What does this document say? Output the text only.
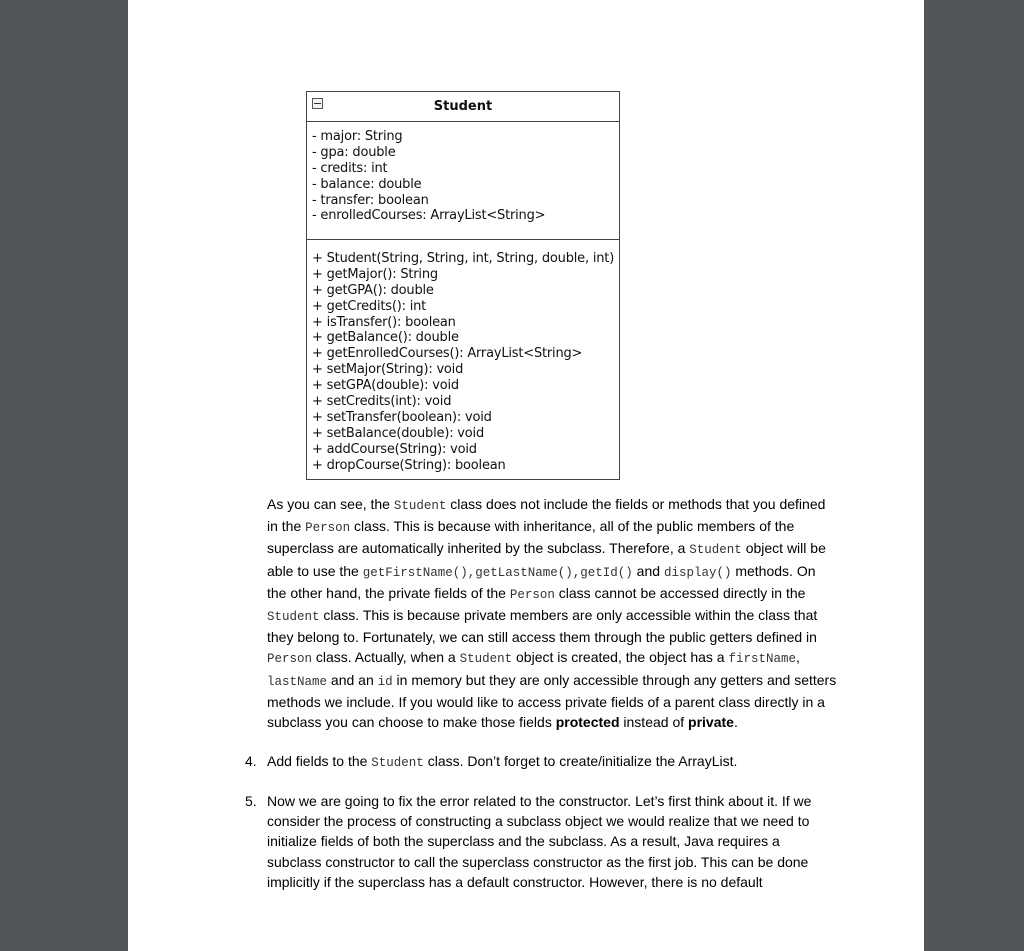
Student
- major: String
- gpa: double
- credits: int
- balance: double
- transfer: boolean
- enrolledCourses: ArrayList<String>
+ Student(String, String, int, String, double, int)
+ getMajor(): String
+ getGPA(): double
+ getCredits(): int
+ isTransfer(): boolean
+ getBalance(): double
+ getEnrolledCourses(): ArrayList<String>
+ setMajor(String): void
+ setGPA(double): void
+ setCredits(int): void
+ setTransfer(boolean): void
+ setBalance(double): void
+ addCourse(String): void
+ dropCourse(String): boolean

As you can see, the Student class does not include the fields or methods that you defined in the Person class. This is because with inheritance, all of the public members of the superclass are automatically inherited by the subclass. Therefore, a Student object will be able to use the getFirstName(),getLastName(),getId() and display() methods. On the other hand, the private fields of the Person class cannot be accessed directly in the Student class. This is because private members are only accessible within the class that they belong to. Fortunately, we can still access them through the public getters defined in Person class. Actually, when a Student object is created, the object has a firstName, lastName and an id in memory but they are only accessible through any getters and setters methods we include. If you would like to access private fields of a parent class directly in a subclass you can choose to make those fields protected instead of private.

4. Add fields to the Student class. Don’t forget to create/initialize the ArrayList.

5. Now we are going to fix the error related to the constructor. Let’s first think about it. If we consider the process of constructing a subclass object we would realize that we need to initialize fields of both the superclass and the subclass. As a result, Java requires a subclass constructor to call the superclass constructor as the first job. This can be done implicitly if the superclass has a default constructor. However, there is no default
